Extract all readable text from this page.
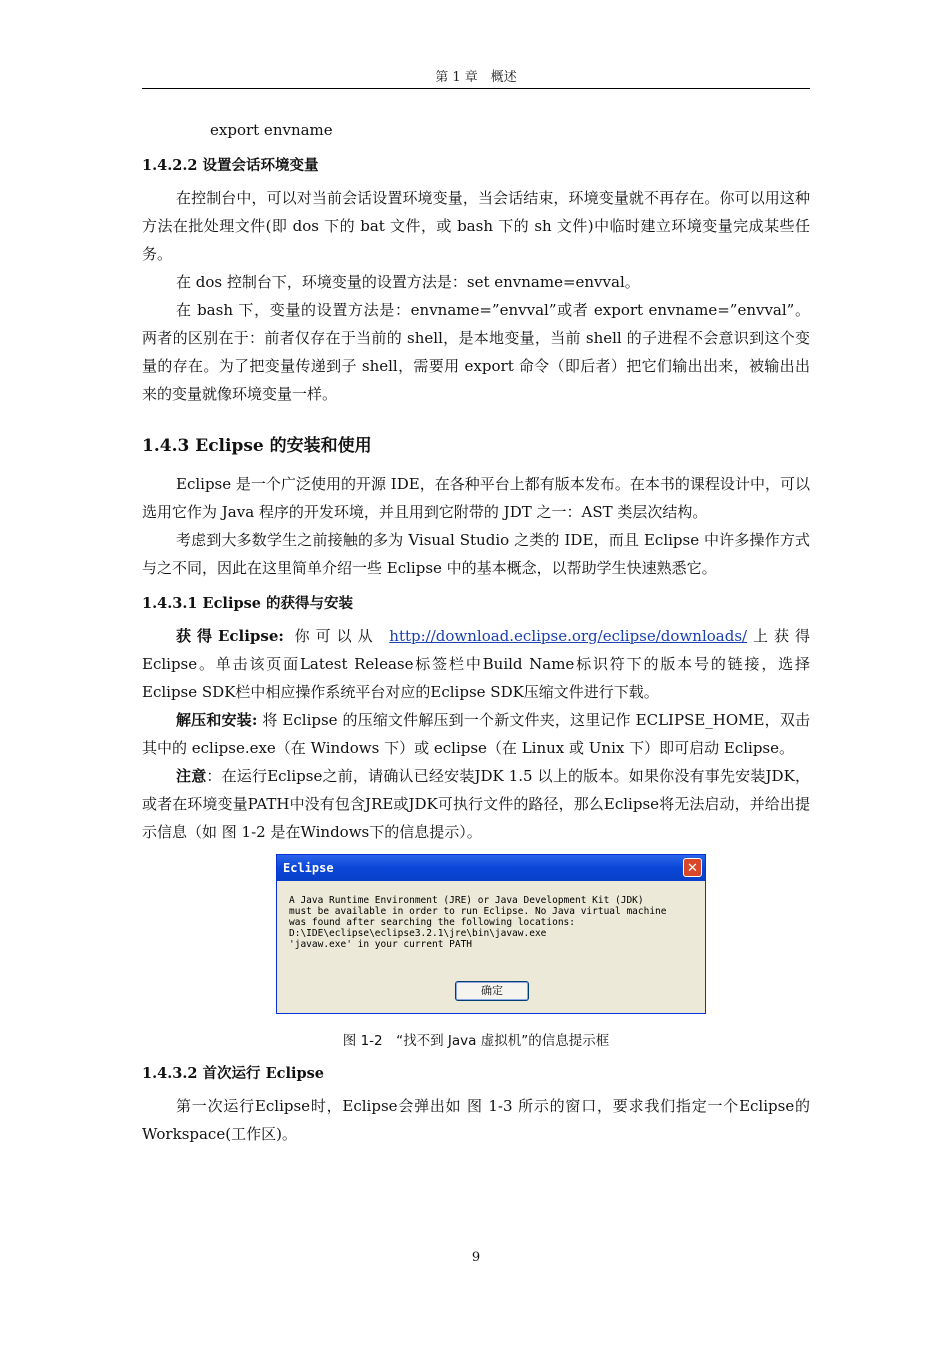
第 1 章　概述

export envname

1.4.2.2 设置会话环境变量

在控制台中，可以对当前会话设置环境变量，当会话结束，环境变量就不再存在。你可以用这种方法在批处理文件(即 dos 下的 bat 文件，或 bash 下的 sh 文件)中临时建立环境变量完成某些任务。

在 dos 控制台下，环境变量的设置方法是：set envname=envval。

在 bash 下，变量的设置方法是：envname=”envval”或者 export envname=”envval”。两者的区别在于：前者仅存在于当前的 shell，是本地变量，当前 shell 的子进程不会意识到这个变量的存在。为了把变量传递到子 shell，需要用 export 命令（即后者）把它们输出出来，被输出出来的变量就像环境变量一样。

1.4.3 Eclipse 的安装和使用

Eclipse 是一个广泛使用的开源 IDE，在各种平台上都有版本发布。在本书的课程设计中，可以选用它作为 Java 程序的开发环境，并且用到它附带的 JDT 之一：AST 类层次结构。

考虑到大多数学生之前接触的多为 Visual Studio 之类的 IDE，而且 Eclipse 中许多操作方式与之不同，因此在这里简单介绍一些 Eclipse 中的基本概念，以帮助学生快速熟悉它。

1.4.3.1 Eclipse 的获得与安装

获得Eclipse: 你可以从 http://download.eclipse.org/eclipse/downloads/上获得Eclipse。单击该页面Latest Release标签栏中Build Name标识符下的版本号的链接，选择Eclipse SDK栏中相应操作系统平台对应的Eclipse SDK压缩文件进行下载。

解压和安装: 将 Eclipse 的压缩文件解压到一个新文件夹，这里记作 ECLIPSE_HOME，双击其中的 eclipse.exe（在 Windows 下）或 eclipse（在 Linux 或 Unix 下）即可启动 Eclipse。

注意：在运行Eclipse之前，请确认已经安装JDK 1.5 以上的版本。如果你没有事先安装JDK，或者在环境变量PATH中没有包含JRE或JDK可执行文件的路径，那么Eclipse将无法启动，并给出提示信息（如 图 1-2 是在Windows下的信息提示）。

Eclipse	✕
A Java Runtime Environment (JRE) or Java Development Kit (JDK)
must be available in order to run Eclipse. No Java virtual machine
was found after searching the following locations:
D:\IDE\eclipse\eclipse3.2.1\jre\bin\javaw.exe
'javaw.exe' in your current PATH
确定
图 1-2　“找不到 Java 虚拟机”的信息提示框
1.4.3.2 首次运行 Eclipse

第一次运行Eclipse时，Eclipse会弹出如 图 1-3 所示的窗口，要求我们指定一个Eclipse的Workspace(工作区)。

9
